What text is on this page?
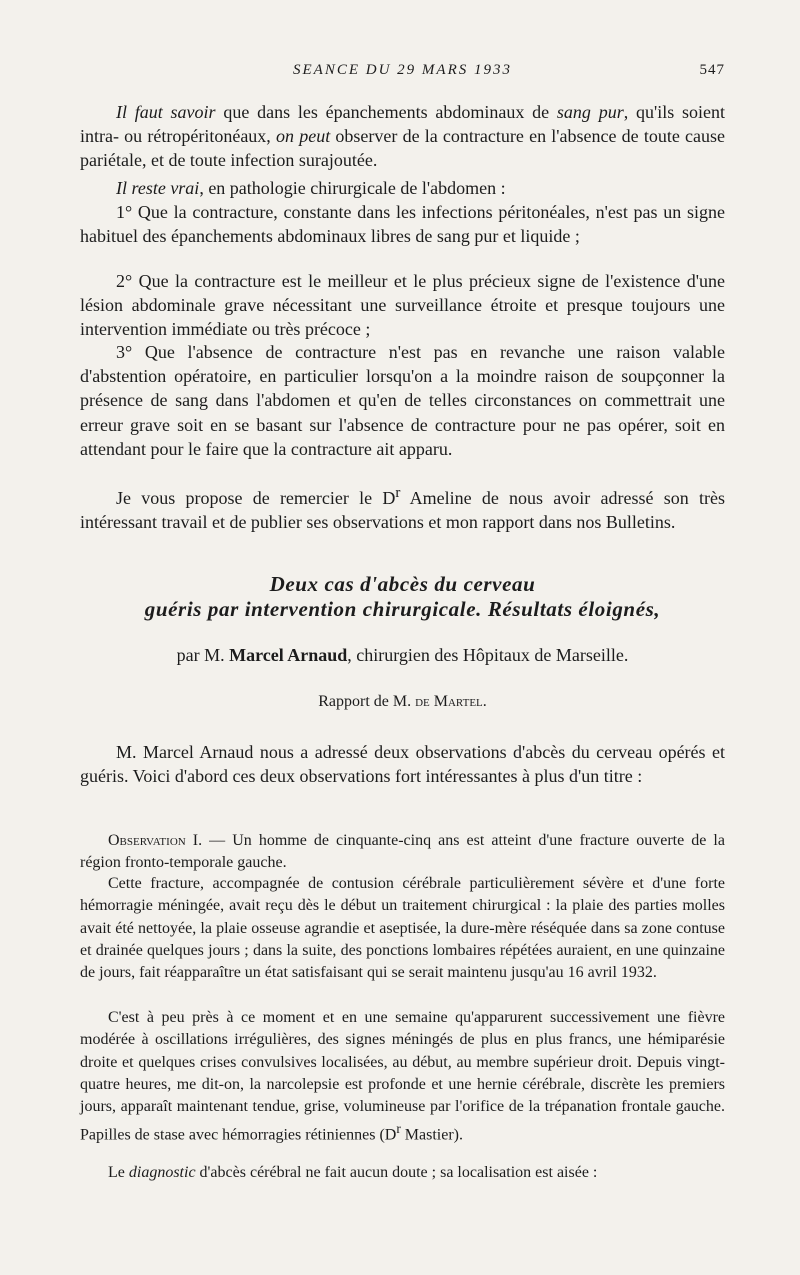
SEANCE DU 29 MARS 1933	547
Il faut savoir que dans les épanchements abdominaux de sang pur, qu'ils soient intra- ou rétropéritonéaux, on peut observer de la contracture en l'absence de toute cause pariétale, et de toute infection surajoutée.
Il reste vrai, en pathologie chirurgicale de l'abdomen :
1° Que la contracture, constante dans les infections péritonéales, n'est pas un signe habituel des épanchements abdominaux libres de sang pur et liquide ;
2° Que la contracture est le meilleur et le plus précieux signe de l'existence d'une lésion abdominale grave nécessitant une surveillance étroite et presque toujours une intervention immédiate ou très précoce ;
3° Que l'absence de contracture n'est pas en revanche une raison valable d'abstention opératoire, en particulier lorsqu'on a la moindre raison de soupçonner la présence de sang dans l'abdomen et qu'en de telles circonstances on commettrait une erreur grave soit en se basant sur l'absence de contracture pour ne pas opérer, soit en attendant pour le faire que la contracture ait apparu.
Je vous propose de remercier le $D^r$ Ameline de nous avoir adressé son très intéressant travail et de publier ses observations et mon rapport dans nos Bulletins.
Deux cas d'abcès du cerveau
guéris par intervention chirurgicale. Résultats éloignés,
par M. Marcel Arnaud, chirurgien des Hôpitaux de Marseille.
Rapport de M. de Martel.
M. Marcel Arnaud nous a adressé deux observations d'abcès du cerveau opérés et guéris. Voici d'abord ces deux observations fort intéressantes à plus d'un titre :
Observation I. — Un homme de cinquante-cinq ans est atteint d'une fracture ouverte de la région fronto-temporale gauche.
Cette fracture, accompagnée de contusion cérébrale particulièrement sévère et d'une forte hémorragie méningée, avait reçu dès le début un traitement chirurgical : la plaie des parties molles avait été nettoyée, la plaie osseuse agrandie et aseptisée, la dure-mère réséquée dans sa zone contuse et drainée quelques jours ; dans la suite, des ponctions lombaires répétées auraient, en une quinzaine de jours, fait réapparaître un état satisfaisant qui se serait maintenu jusqu'au 16 avril 1932.
C'est à peu près à ce moment et en une semaine qu'apparurent successivement une fièvre modérée à oscillations irrégulières, des signes méningés de plus en plus francs, une hémiparésie droite et quelques crises convulsives localisées, au début, au membre supérieur droit. Depuis vingt-quatre heures, me dit-on, la narcolepsie est profonde et une hernie cérébrale, discrète les premiers jours, apparaît maintenant tendue, grise, volumineuse par l'orifice de la trépanation frontale gauche. Papilles de stase avec hémorragies rétiniennes ($D^r$ Mastier).
Le diagnostic d'abcès cérébral ne fait aucun doute ; sa localisation est aisée :
